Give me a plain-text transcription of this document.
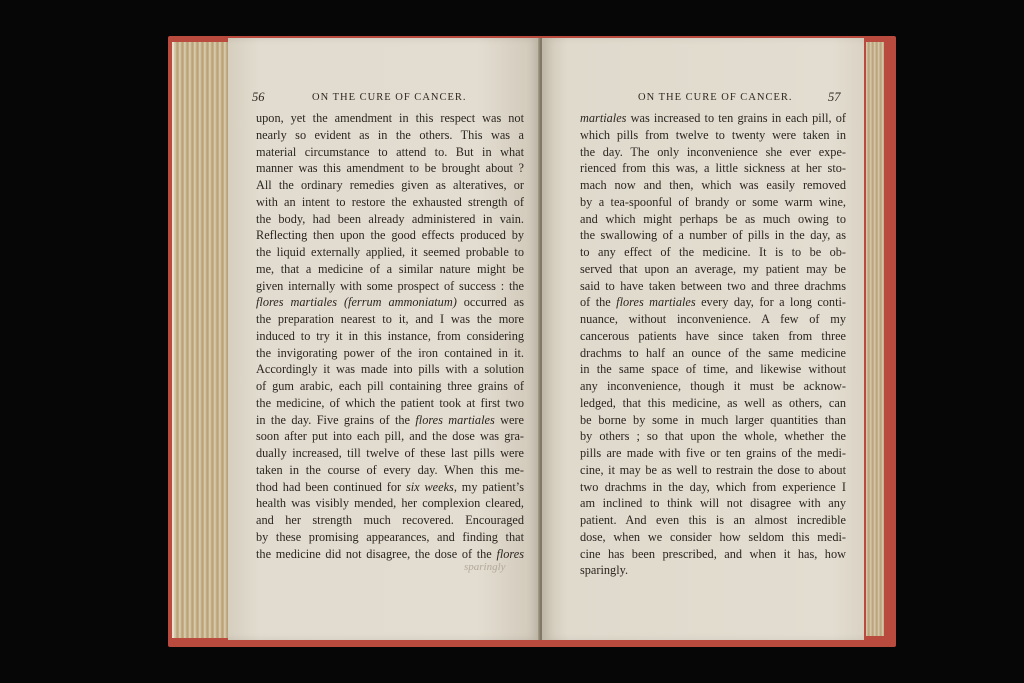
56	ON THE CURE OF CANCER.
upon, yet the amendment in this respect was not
nearly so evident as in the others. This was a
material circumstance to attend to. But in what
manner was this amendment to be brought about ?
All the ordinary remedies given as alteratives, or
with an intent to restore the exhausted strength of
the body, had been already administered in vain.
Reflecting then upon the good effects produced by
the liquid externally applied, it seemed probable to
me, that a medicine of a similar nature might be
given internally with some prospect of success : the
flores martiales (ferrum ammoniatum) occurred as
the preparation nearest to it, and I was the more
induced to try it in this instance, from considering
the invigorating power of the iron contained in it.
Accordingly it was made into pills with a solution
of gum arabic, each pill containing three grains of
the medicine, of which the patient took at first two
in the day. Five grains of the flores martiales were
soon after put into each pill, and the dose was gra-
dually increased, till twelve of these last pills were
taken in the course of every day. When this me-
thod had been continued for six weeks, my patient’s
health was visibly mended, her complexion cleared,
and her strength much recovered. Encouraged
by these promising appearances, and finding that
the medicine did not disagree, the dose of the flores
sparingly
ON THE CURE OF CANCER.	57
martiales was increased to ten grains in each pill, of
which pills from twelve to twenty were taken in
the day. The only inconvenience she ever expe-
rienced from this was, a little sickness at her sto-
mach now and then, which was easily removed
by a tea-spoonful of brandy or some warm wine,
and which might perhaps be as much owing to
the swallowing of a number of pills in the day, as
to any effect of the medicine. It is to be ob-
served that upon an average, my patient may be
said to have taken between two and three drachms
of the flores martiales every day, for a long conti-
nuance, without inconvenience. A few of my
cancerous patients have since taken from three
drachms to half an ounce of the same medicine
in the same space of time, and likewise without
any inconvenience, though it must be acknow-
ledged, that this medicine, as well as others, can
be borne by some in much larger quantities than
by others ; so that upon the whole, whether the
pills are made with five or ten grains of the medi-
cine, it may be as well to restrain the dose to about
two drachms in the day, which from experience I
am inclined to think will not disagree with any
patient. And even this is an almost incredible
dose, when we consider how seldom this medi-
cine has been prescribed, and when it has, how
sparingly.
